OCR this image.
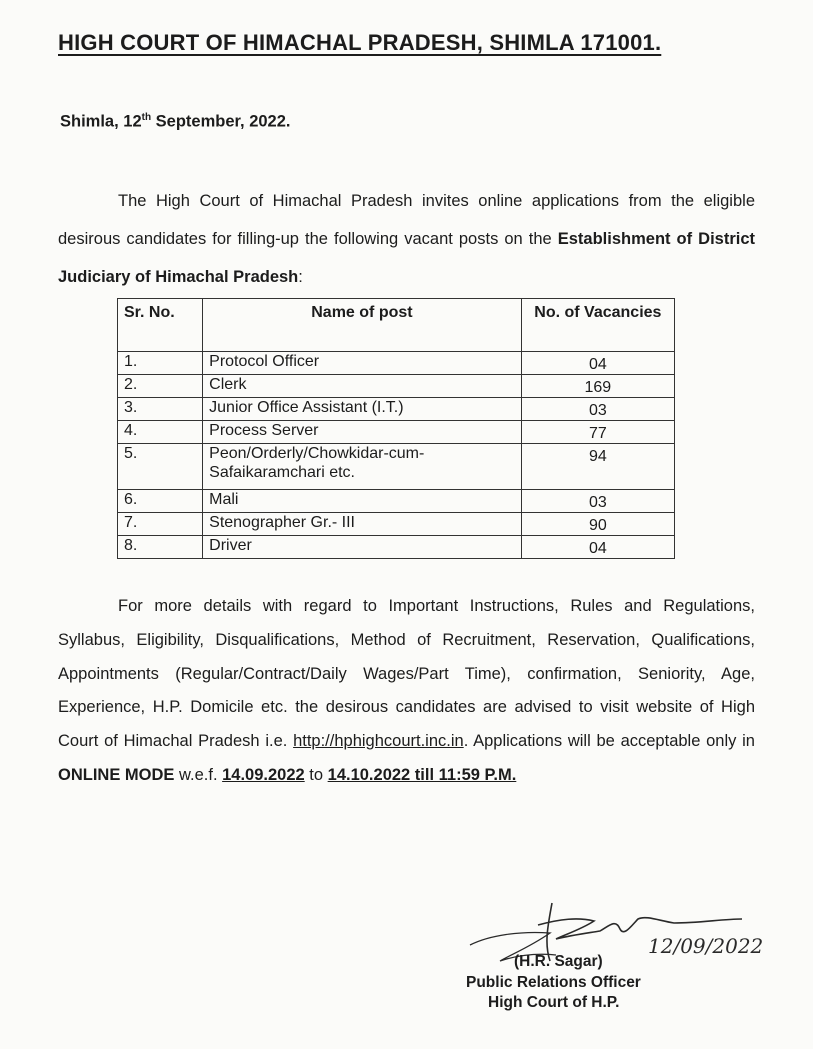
HIGH COURT OF HIMACHAL PRADESH, SHIMLA 171001.
Shimla, 12th September, 2022.
The High Court of Himachal Pradesh invites online applications from the eligible desirous candidates for filling-up the following vacant posts on the Establishment of District Judiciary of Himachal Pradesh:
Sr. No.	Name of post	No. of Vacancies
1.	Protocol Officer	04
2.	Clerk	169
3.	Junior Office Assistant (I.T.)	03
4.	Process Server	77
5.	Peon/Orderly/Chowkidar-cum-Safaikaramchari etc.	94
6.	Mali	03
7.	Stenographer Gr.- III	90
8.	Driver	04
For more details with regard to Important Instructions, Rules and Regulations, Syllabus, Eligibility, Disqualifications, Method of Recruitment, Reservation, Qualifications, Appointments (Regular/Contract/Daily Wages/Part Time), confirmation, Seniority, Age, Experience, H.P. Domicile etc. the desirous candidates are advised to visit website of High Court of Himachal Pradesh i.e. http://hphighcourt.inc.in. Applications will be acceptable only in ONLINE MODE w.e.f. 14.09.2022 to 14.10.2022 till 11:59 P.M.
12/09/2022
(H.R. Sagar)
Public Relations Officer
High Court of H.P.
